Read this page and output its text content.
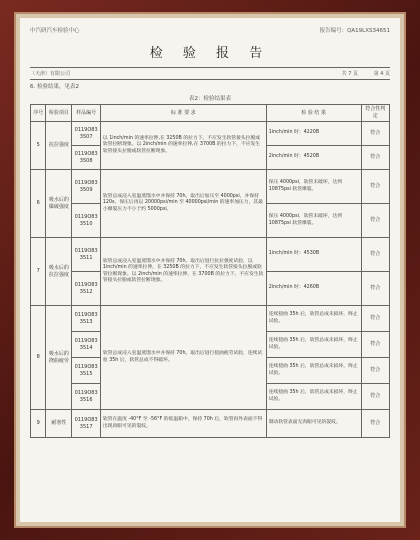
中汽研汽车检验中心	报告编号：QA19LXS34651
检 验 报 告
（天津）有限公司	共 7 页	第 4 页
6. 检验结果，见表2
表2：检验结果表
序号	检验项目	样品编号	标 准 要 求	检 验 结 果	符合性判定
5	抗拉强度	0119O833507	以 1inch/min 的速率拉伸,在 3250B 的拉力下，不应发生软管接头拉脱或软管拉断现象。以 2inch/min 的速率拉伸,在 3700B 的拉力下，不应发生软管接头拉脱或软管拉断现象。	1inch/min 时：4220B	符合
		0119O833508		2inch/min 时：4520B	符合
6	吸水后的爆破强度	0119O833509	软管总成浸入室温蒸馏水中并保持 70h。取出后加压至 4000psi，并保持 120s，保压后再以 20000psi/min 至 40000psi/min 的速率加压力，其最小爆裂压力不小于约 5000psi。	保压 4000psi，软管未破坏，达到 10875psi 软管爆裂。	符合
		0119O833510		保压 4000psi，软管未破坏，达到 10875psi 软管爆裂。	符合
7	吸水后的抗拉强度	0119O833511	软管总成浸入室温蒸馏水中并保持 70h。取出后进行抗拉强度试验，以 1inch/min 的速率拉伸，在 3250B 的拉力下，不应发生软管接头拉脱或软管拉断现象。以 2inch/min 的速率拉伸，在 3700B 的拉力下，不应发生软管接头拉脱或软管拉断现象。	1inch/min 时：4530B	符合
		0119O833512		2inch/min 时：4260B	符合
8	吸水后的挠曲疲劳	0119O833513	软管总成浸入室温蒸馏水中并保持 70h。取出后进行挠曲疲劳试验，连续试验 35h 后，软管总成不得破坏。	连续挠曲 35h 后，软管总成未损坏，终止试验。	符合
		0119O833514		连续挠曲 35h 后，软管总成未损坏，终止试验。	符合
		0119O833515		连续挠曲 35h 后，软管总成未损坏，终止试验。	符合
		0119O833516		连续挠曲 35h 后，软管总成未损坏，终止试验。	符合
9	耐寒性	0119O833517	软管在温度 -40°F 至 -56°F 的低温箱中，保持 70h 后，软管再外表面不得出现肉眼可见的裂纹。	制动软管表面无肉眼可见的裂纹。	符合
